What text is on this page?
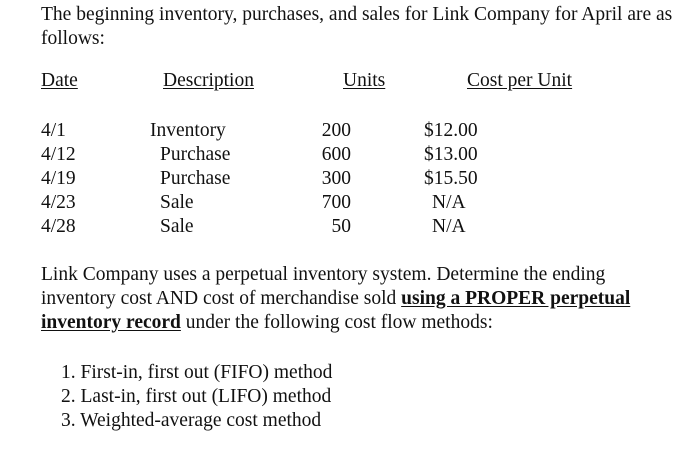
The beginning inventory, purchases, and sales for Link Company for April are as follows:
Date	Description	Units	Cost per Unit
4/1	Inventory	200	$12.00
4/12	Purchase	600	$13.00
4/19	Purchase	300	$15.50
4/23	Sale	700	N/A
4/28	Sale	50	N/A
Link Company uses a perpetual inventory system. Determine the ending inventory cost AND cost of merchandise sold using a PROPER perpetual inventory record under the following cost flow methods:
1. First-in, first out (FIFO) method
2. Last-in, first out (LIFO) method
3. Weighted-average cost method
